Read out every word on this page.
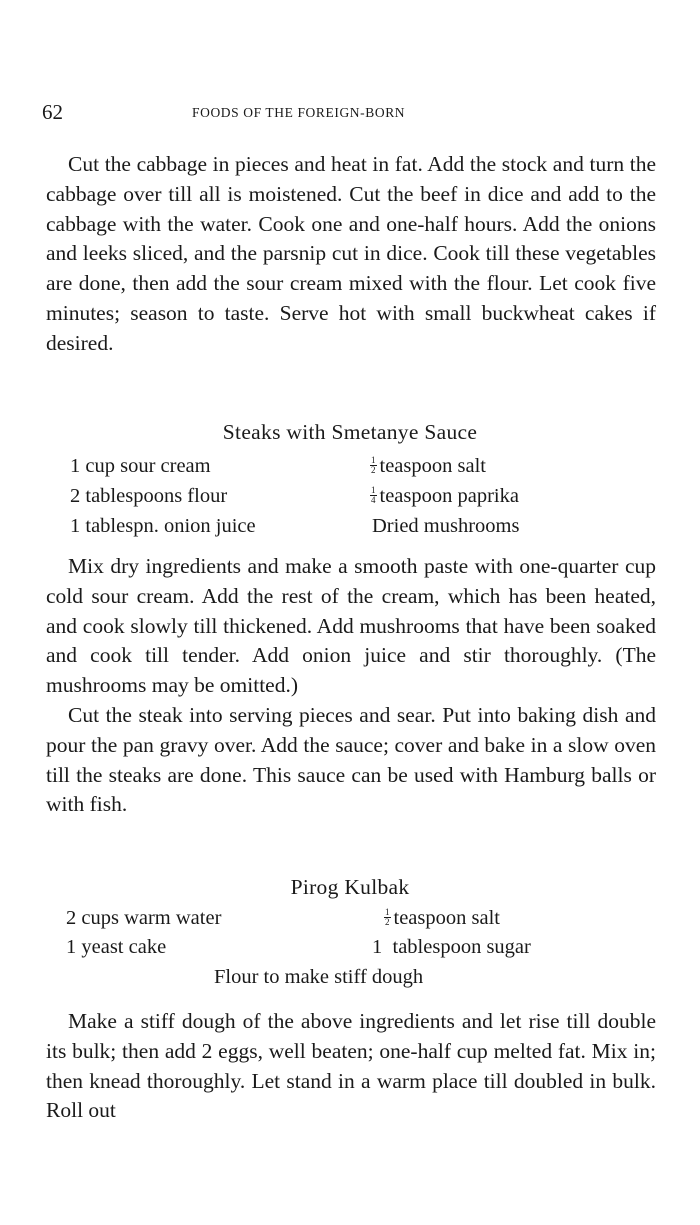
62	FOODS OF THE FOREIGN-BORN

Cut the cabbage in pieces and heat in fat. Add the stock and turn the cabbage over till all is moistened. Cut the beef in dice and add to the cabbage with the water. Cook one and one-half hours. Add the onions and leeks sliced, and the parsnip cut in dice. Cook till these vegetables are done, then add the sour cream mixed with the flour. Let cook five minutes; season to taste. Serve hot with small buckwheat cakes if desired.

Steaks with Smetanye Sauce
1 cup sour cream
2 tablespoons flour
1 tablespn. onion juice
$\frac{1}{2}$ teaspoon salt
$\frac{1}{4}$ teaspoon paprika
Dried mushrooms

Mix dry ingredients and make a smooth paste with one-quarter cup cold sour cream. Add the rest of the cream, which has been heated, and cook slowly till thickened. Add mushrooms that have been soaked and cook till tender. Add onion juice and stir thoroughly. (The mushrooms may be omitted.)

Cut the steak into serving pieces and sear. Put into baking dish and pour the pan gravy over. Add the sauce; cover and bake in a slow oven till the steaks are done. This sauce can be used with Hamburg balls or with fish.

Pirog Kulbak
2 cups warm water
1 yeast cake
$\frac{1}{2}$ teaspoon salt
1  tablespoon sugar
Flour to make stiff dough

Make a stiff dough of the above ingredients and let rise till double its bulk; then add 2 eggs, well beaten; one-half cup melted fat. Mix in; then knead thoroughly. Let stand in a warm place till doubled in bulk. Roll out
